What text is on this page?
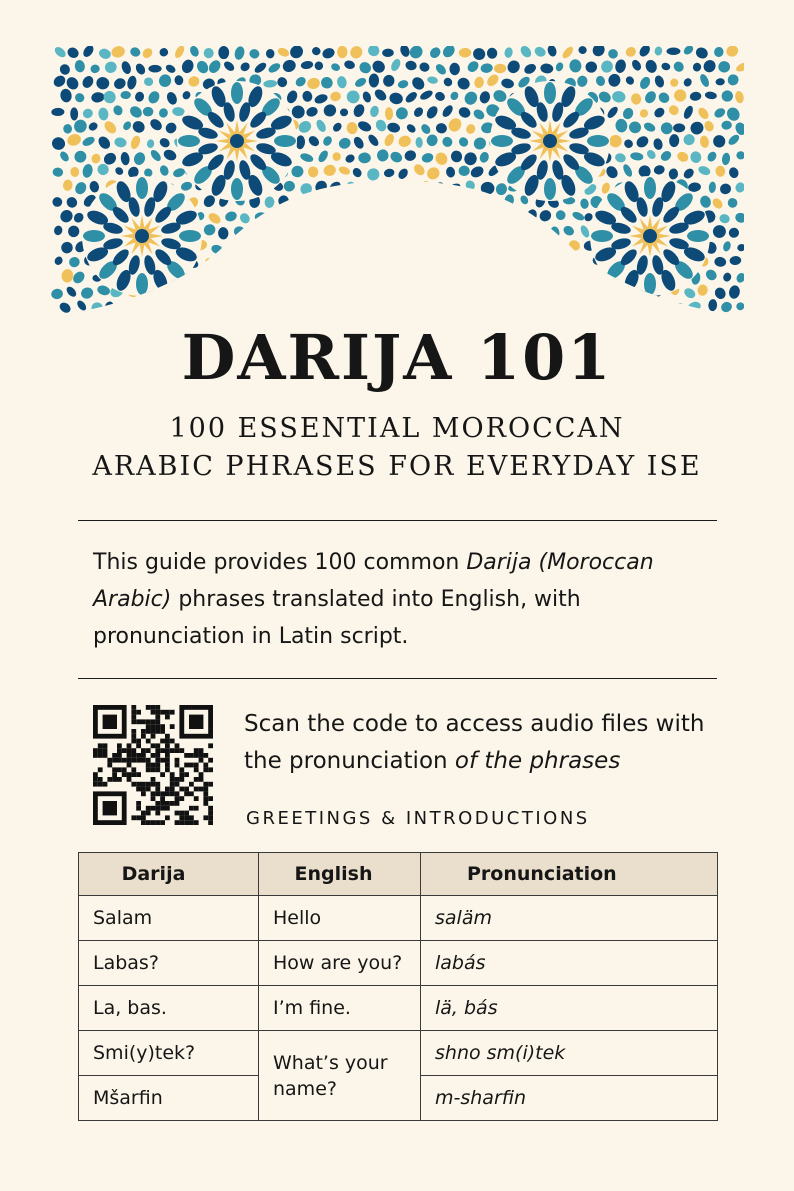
DARIJA 101
100 ESSENTIAL MOROCCAN
ARABIC PHRASES FOR EVERYDAY ISE
This guide provides 100 common Darija (Moroccan Arabic) phrases translated into English, with pronunciation in Latin script.
Scan the code to access audio files with the pronunciation of the phrases
GREETINGS & INTRODUCTIONS
Darija	English	Pronunciation
Salam	Hello	saläm
Labas?	How are you?	labás
La, bas.	I’m fine.	lä, bás
Smi(y)tek?	What’s your name?	shno sm(i)tek
Mšarfin		m-sharfin
